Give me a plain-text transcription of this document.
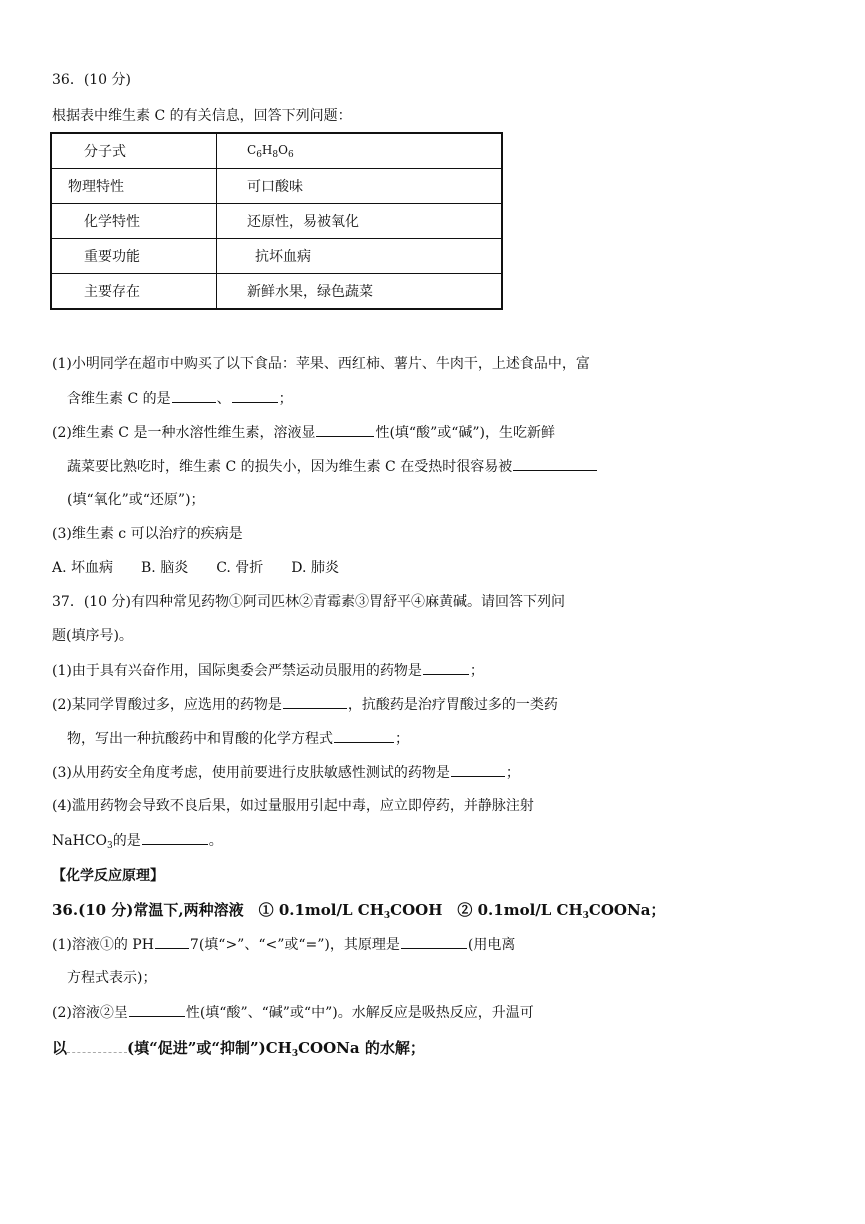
36．(10 分)
根据表中维生素 C 的有关信息，回答下列问题：
分子式	$C_6H_8O_6$
物理特性	可口酸味
化学特性	还原性，易被氧化
重要功能	抗坏血病
主要存在	新鲜水果，绿色蔬菜
(1)小明同学在超市中购买了以下食品：苹果、西红柿、薯片、牛肉干，上述食品中，富
含维生素 C 的是	、	；
(2)维生素 C 是一种水溶性维生素，溶液显	性(填“酸”或“碱”)，生吃新鲜
蔬菜要比熟吃时，维生素 C 的损失小，因为维生素 C 在受热时很容易被
(填“氧化”或“还原”)；
(3)维生素 c 可以治疗的疾病是
A. 坏血病　　B. 脑炎　　C. 骨折　　D. 肺炎
37．(10 分)有四种常见药物①阿司匹林②青霉素③胃舒平④麻黄碱。请回答下列问
题(填序号)。
(1)由于具有兴奋作用，国际奥委会严禁运动员服用的药物是	；
(2)某同学胃酸过多，应选用的药物是	，抗酸药是治疗胃酸过多的一类药
物，写出一种抗酸药中和胃酸的化学方程式	；
(3)从用药安全角度考虑，使用前要进行皮肤敏感性测试的药物是	；
(4)滥用药物会导致不良后果，如过量服用引起中毒，应立即停药，并静脉注射
NaHCO$_3$的是	。
【化学反应原理】
36.(10 分)常温下,两种溶液　① 0.1mol/L $CH_3COOH$　② 0.1mol/L $CH_3COONa$；
(1)溶液①的 PH	7(填“>”、“<”或“=”)，其原理是	(用电离
方程式表示)；
(2)溶液②呈	性(填“酸”、“碱”或“中”)。水解反应是吸热反应，升温可
以	(填“促进”或“抑制$”)CH_3COONa$ 的水解；
